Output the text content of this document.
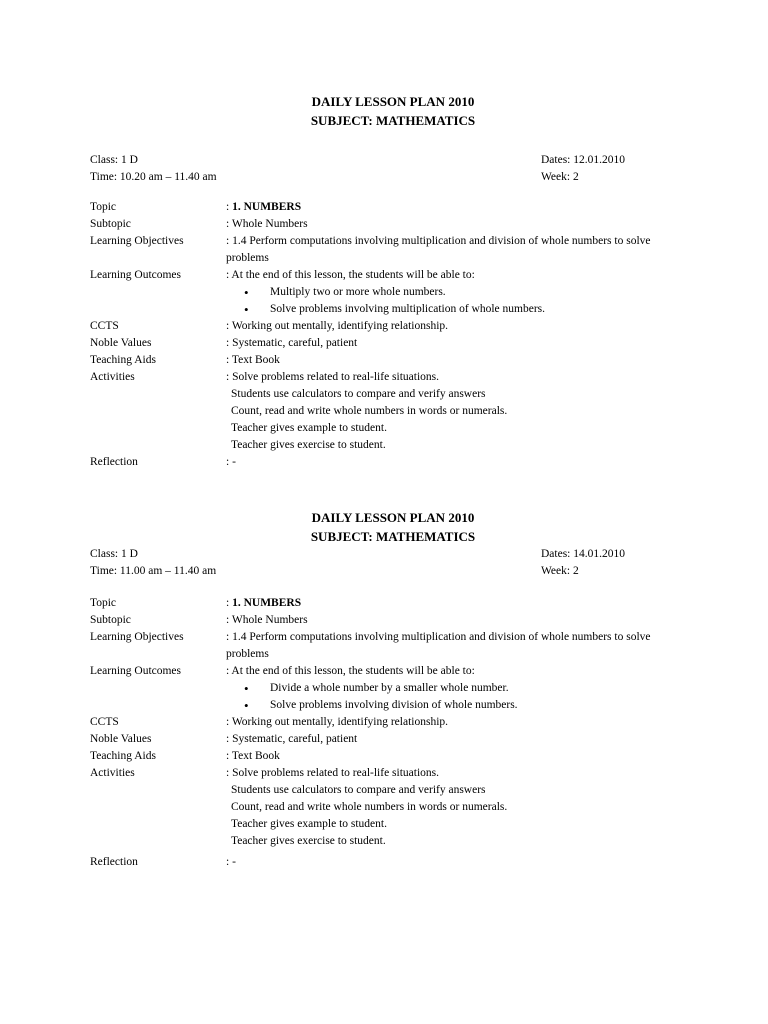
DAILY LESSON PLAN 2010
SUBJECT: MATHEMATICS
Class: 1 D	Dates: 12.01.2010
Time: 10.20 am – 11.40 am	Week: 2
Topic	: 1. NUMBERS
Subtopic	: Whole Numbers
Learning Objectives	: 1.4 Perform computations involving multiplication and division of whole numbers to solve problems
Learning Outcomes	: At the end of this lesson, the students will be able to:
• Multiply two or more whole numbers.
• Solve problems involving multiplication of whole numbers.
CCTS	: Working out mentally, identifying relationship.
Noble Values	: Systematic, careful, patient
Teaching Aids	: Text Book
Activities	: Solve problems related to real-life situations.
Students use calculators to compare and verify answers
Count, read and write whole numbers in words or numerals.
Teacher gives example to student.
Teacher gives exercise to student.
Reflection	: -
DAILY LESSON PLAN 2010
SUBJECT: MATHEMATICS
Class: 1 D	Dates: 14.01.2010
Time: 11.00 am – 11.40 am	Week: 2
Topic	: 1. NUMBERS
Subtopic	: Whole Numbers
Learning Objectives	: 1.4 Perform computations involving multiplication and division of whole numbers to solve problems
Learning Outcomes	: At the end of this lesson, the students will be able to:
• Divide a whole number by a smaller whole number.
• Solve problems involving division of whole numbers.
CCTS	: Working out mentally, identifying relationship.
Noble Values	: Systematic, careful, patient
Teaching Aids	: Text Book
Activities	: Solve problems related to real-life situations.
Students use calculators to compare and verify answers
Count, read and write whole numbers in words or numerals.
Teacher gives example to student.
Teacher gives exercise to student.
Reflection	: -
